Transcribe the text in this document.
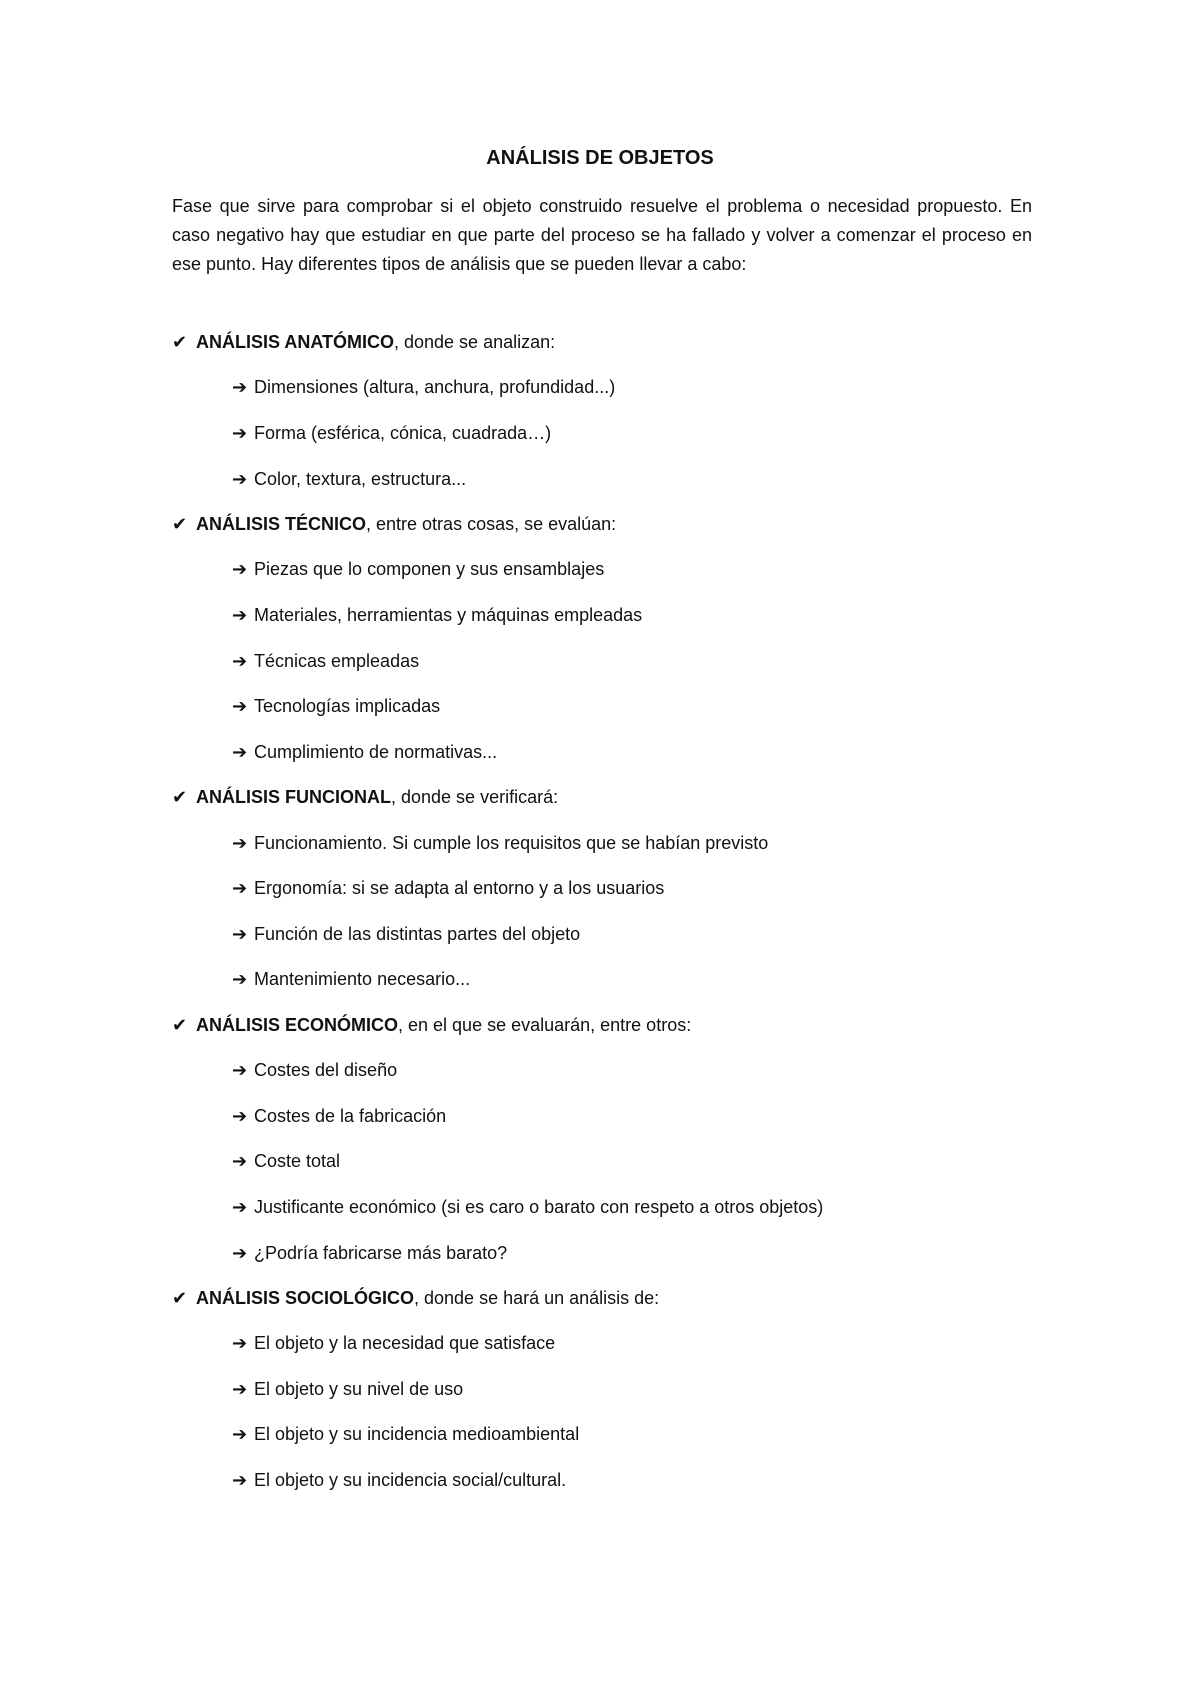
ANÁLISIS DE OBJETOS

Fase que sirve para comprobar si el objeto construido resuelve el problema o necesidad propuesto. En caso negativo hay que estudiar en que parte del proceso se ha fallado y volver a comenzar el proceso en ese punto. Hay diferentes tipos de análisis que se pueden llevar a cabo:

✔ ANÁLISIS ANATÓMICO, donde se analizan:

➔ Dimensiones (altura, anchura, profundidad...)

➔ Forma (esférica, cónica, cuadrada…)

➔ Color, textura, estructura...

✔ ANÁLISIS TÉCNICO, entre otras cosas, se evalúan:

➔ Piezas que lo componen y sus ensamblajes

➔ Materiales, herramientas y máquinas empleadas

➔ Técnicas empleadas

➔ Tecnologías implicadas

➔ Cumplimiento de normativas...

✔ ANÁLISIS FUNCIONAL, donde se verificará:

➔ Funcionamiento. Si cumple los requisitos que se habían previsto

➔ Ergonomía: si se adapta al entorno y a los usuarios

➔ Función de las distintas partes del objeto

➔ Mantenimiento necesario...

✔ ANÁLISIS ECONÓMICO, en el que se evaluarán, entre otros:

➔ Costes del diseño

➔ Costes de la fabricación

➔ Coste total

➔ Justificante económico (si es caro o barato con respeto a otros objetos)

➔ ¿Podría fabricarse más barato?

✔ ANÁLISIS SOCIOLÓGICO, donde se hará un análisis de:

➔ El objeto y la necesidad que satisface

➔ El objeto y su nivel de uso

➔ El objeto y su incidencia medioambiental

➔ El objeto y su incidencia social/cultural.
